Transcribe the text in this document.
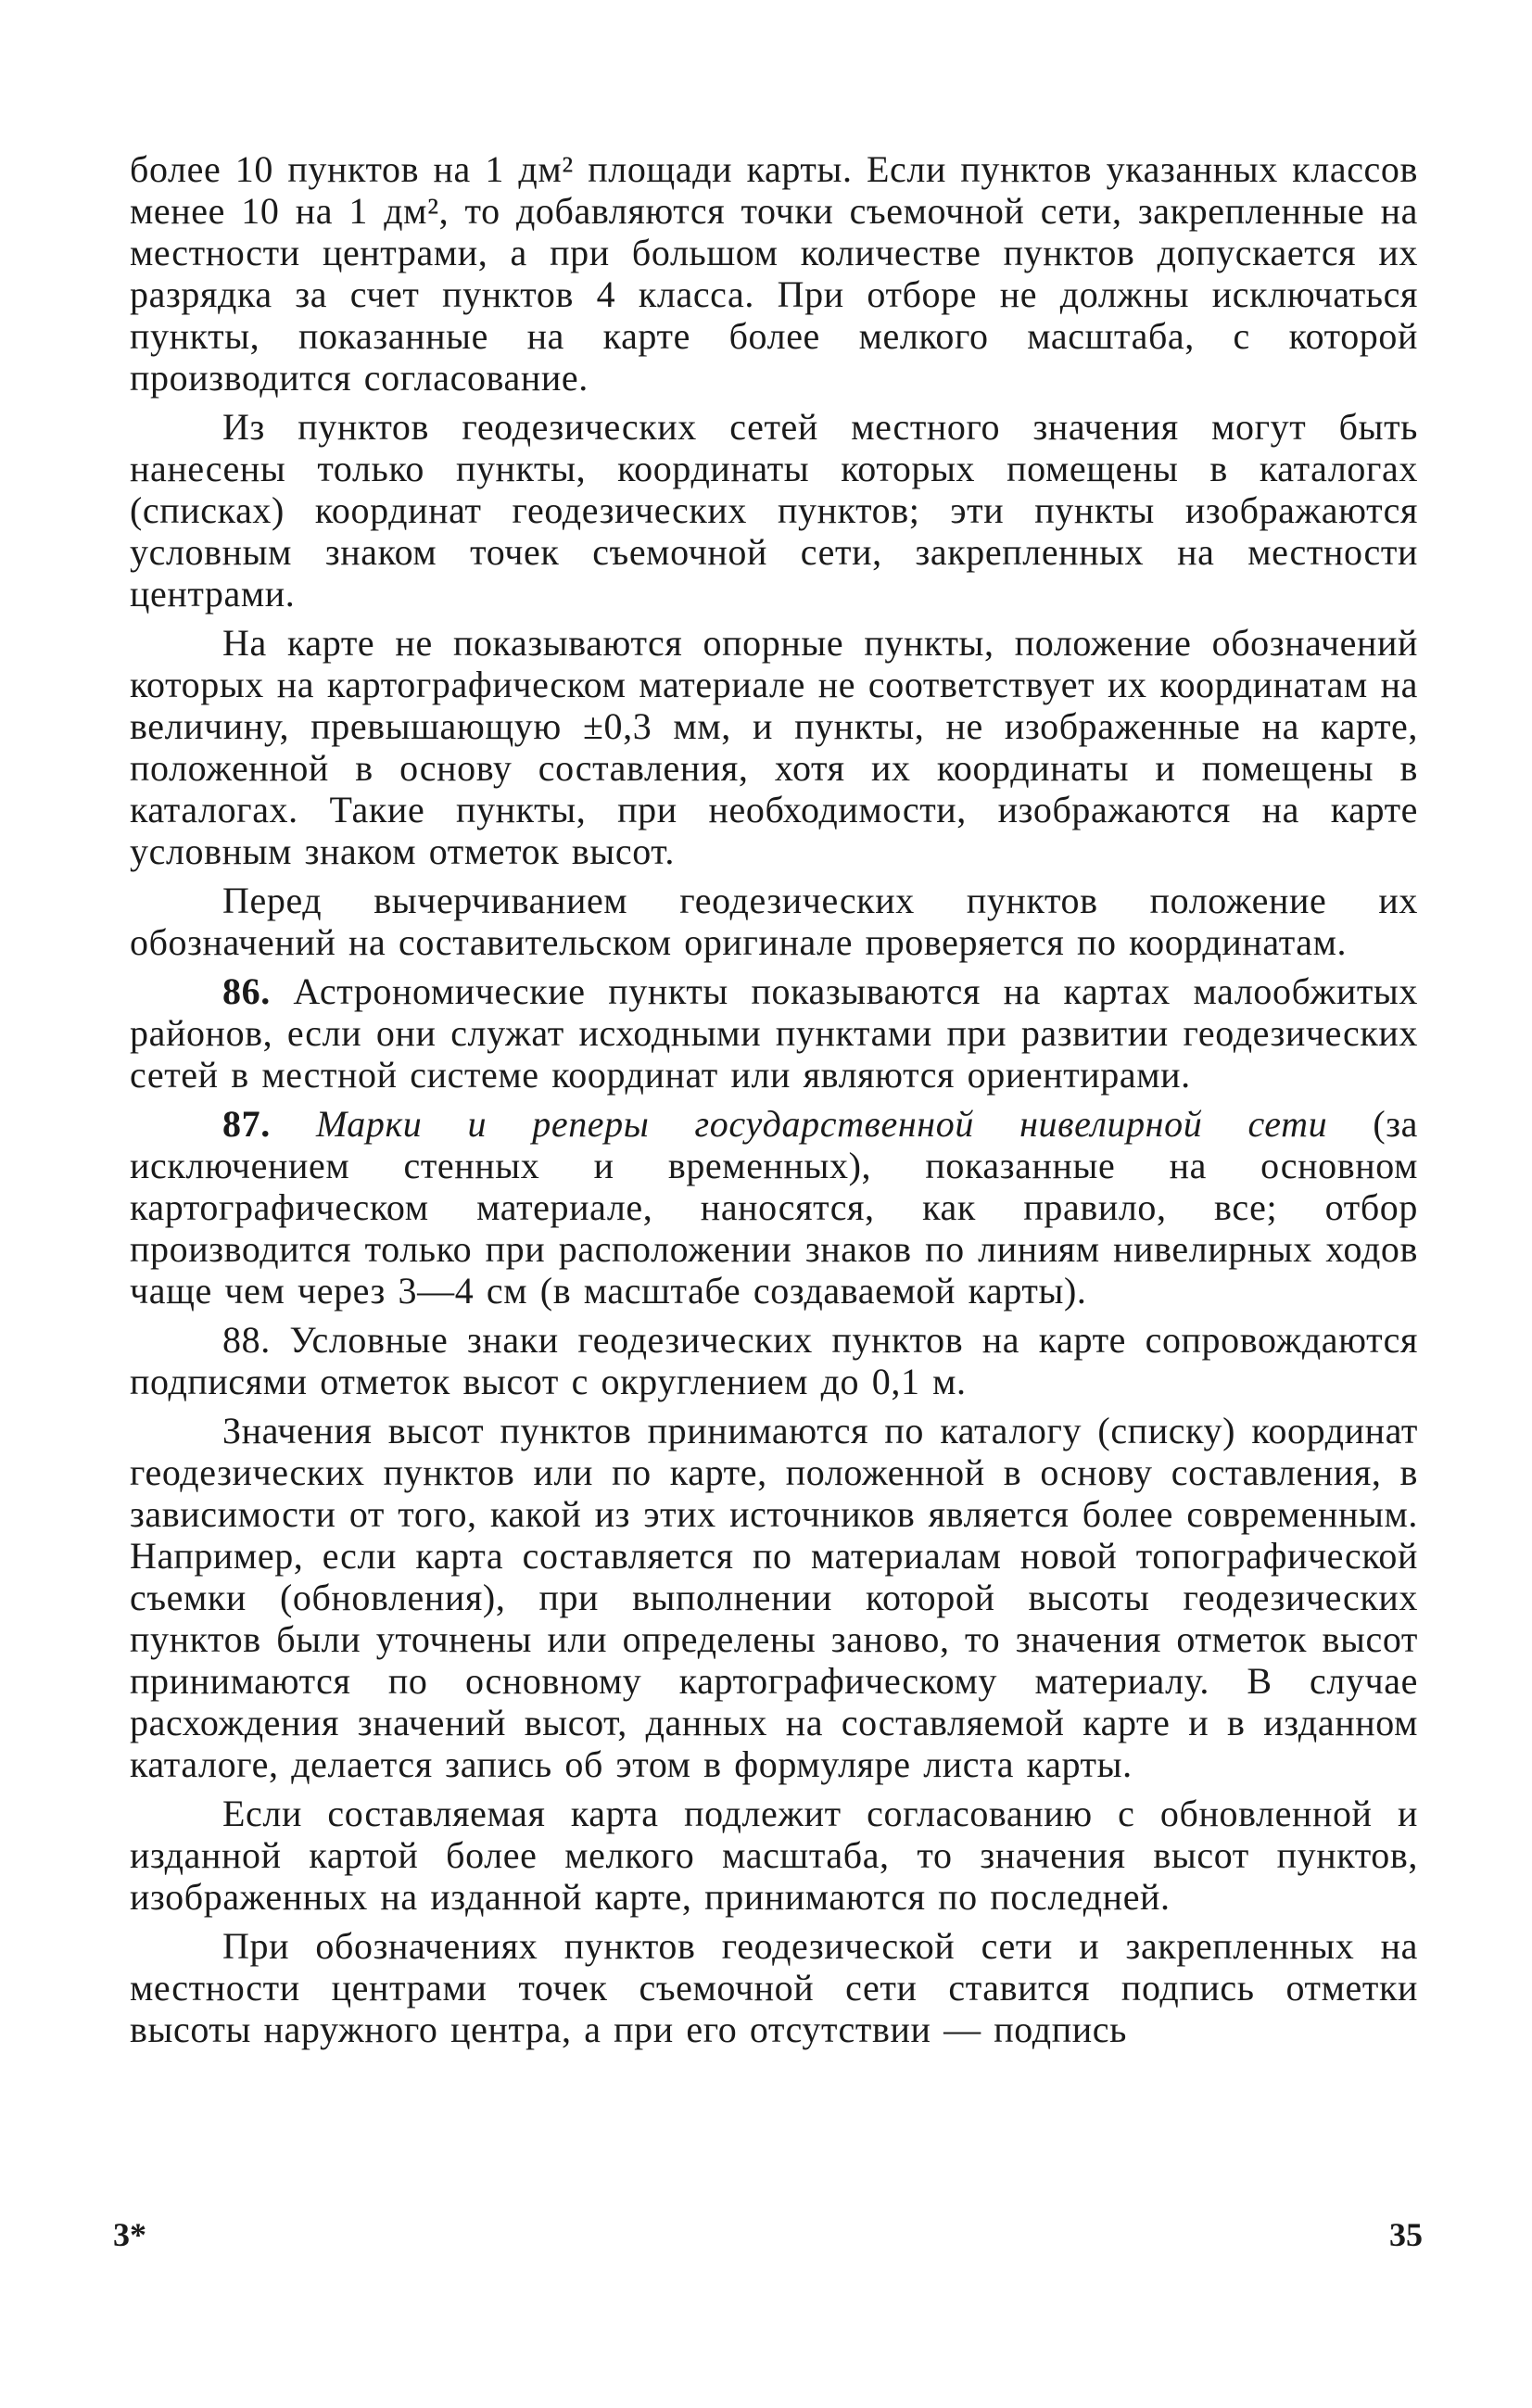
более 10 пунктов на 1 дм² площади карты. Если пунктов указанных классов менее 10 на 1 дм², то добавляются точки съемочной сети, закрепленные на местности центрами, а при большом количестве пунктов допускается их разрядка за счет пунктов 4 класса. При отборе не должны исключаться пункты, показанные на карте более мелкого масштаба, с которой производится согласование.

Из пунктов геодезических сетей местного значения могут быть нанесены только пункты, координаты которых помещены в каталогах (списках) координат геодезических пунктов; эти пункты изображаются условным знаком точек съемочной сети, закрепленных на местности центрами.

На карте не показываются опорные пункты, положение обозначений которых на картографическом материале не соответствует их координатам на величину, превышающую ±0,3 мм, и пункты, не изображенные на карте, положенной в основу составления, хотя их координаты и помещены в каталогах. Такие пункты, при необходимости, изображаются на карте условным знаком отметок высот.

Перед вычерчиванием геодезических пунктов положение их обозначений на составительском оригинале проверяется по координатам.

86. Астрономические пункты показываются на картах малообжитых районов, если они служат исходными пунктами при развитии геодезических сетей в местной системе координат или являются ориентирами.

87. Марки и реперы государственной нивелирной сети (за исключением стенных и временных), показанные на основном картографическом материале, наносятся, как правило, все; отбор производится только при расположении знаков по линиям нивелирных ходов чаще чем через 3—4 см (в масштабе создаваемой карты).

88. Условные знаки геодезических пунктов на карте сопровождаются подписями отметок высот с округлением до 0,1 м.

Значения высот пунктов принимаются по каталогу (списку) координат геодезических пунктов или по карте, положенной в основу составления, в зависимости от того, какой из этих источников является более современным. Например, если карта составляется по материалам новой топографической съемки (обновления), при выполнении которой высоты геодезических пунктов были уточнены или определены заново, то значения отметок высот принимаются по основному картографическому материалу. В случае расхождения значений высот, данных на составляемой карте и в изданном каталоге, делается запись об этом в формуляре листа карты.

Если составляемая карта подлежит согласованию с обновленной и изданной картой более мелкого масштаба, то значения высот пунктов, изображенных на изданной карте, принимаются по последней.

При обозначениях пунктов геодезической сети и закрепленных на местности центрами точек съемочной сети ставится подпись отметки высоты наружного центра, а при его отсутствии — подпись

3*	35
